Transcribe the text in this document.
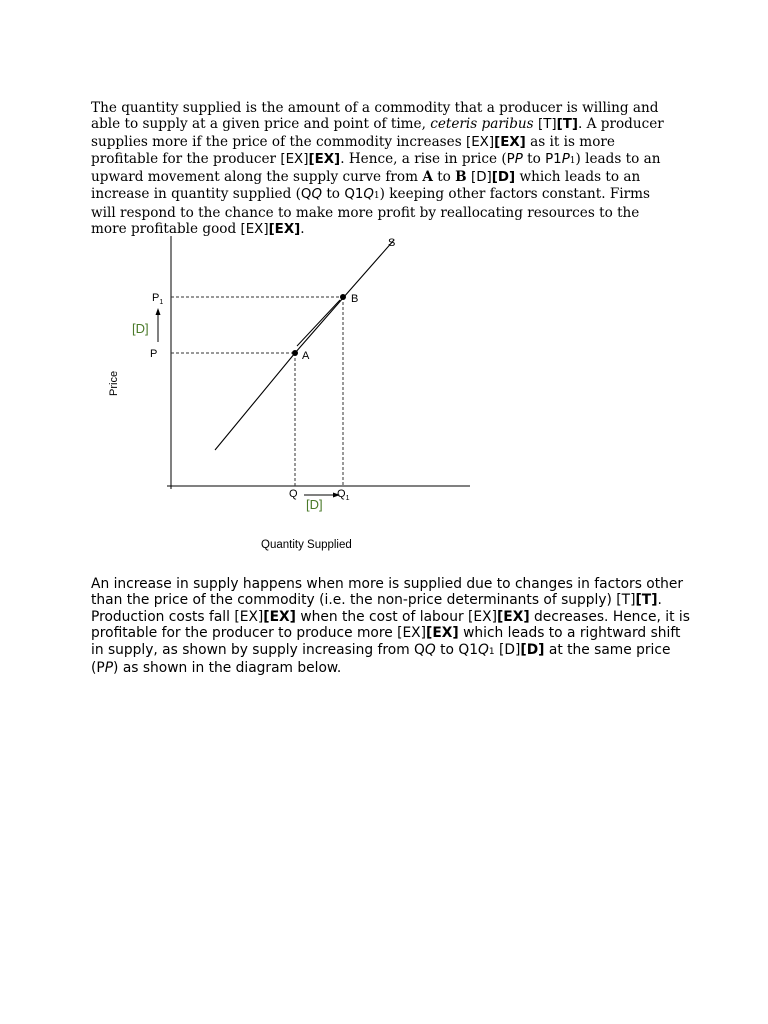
The quantity supplied is the amount of a commodity that a producer is willing and able to supply at a given price and point of time, ceteris paribus [T][T]. A producer supplies more if the price of the commodity increases [EX][EX] as it is more profitable for the producer [EX][EX]. Hence, a rise in price (PP to P1P1) leads to an upward movement along the supply curve from A to B [D][D] which leads to an increase in quantity supplied (QQ to Q1Q1) keeping other factors constant. Firms will respond to the chance to make more profit by reallocating resources to the more profitable good [EX][EX].

S
$P_1$
P
[D]
B
A
Price
Q	$Q_1$
[D]
Quantity Supplied

An increase in supply happens when more is supplied due to changes in factors other than the price of the commodity (i.e. the non-price determinants of supply) [T][T]. Production costs fall [EX][EX] when the cost of labour [EX][EX] decreases. Hence, it is profitable for the producer to produce more [EX][EX] which leads to a rightward shift in supply, as shown by supply increasing from QQ to Q1Q1 [D][D] at the same price (PP) as shown in the diagram below.
